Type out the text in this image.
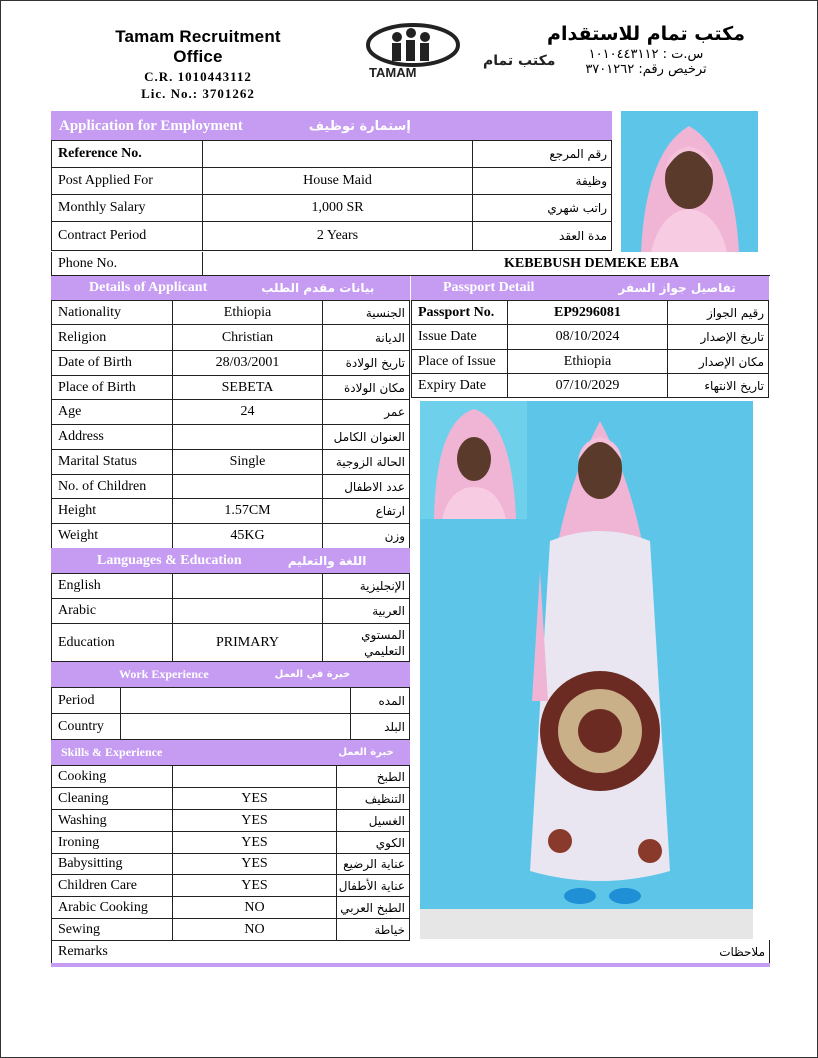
Tamam Recruitment Office
C.R. 1010443112
Lic. No.: 3701262
TAMAM
مكتب تمام
مكتب تمام للاستقدام
س.ت : ١٠١٠٤٤٣١١٢
ترخيص رقم: ٣٧٠١٢٦٢
Application for Employment	إستمارة توظيف
Reference No.	رقم المرجع
Post Applied For	House Maid	وظيفة
Monthly Salary	1,000 SR	راتب شهري
Contract Period	2 Years	مدة العقد
Phone No.	KEBEBUSH DEMEKE EBA
Details of Applicant	بيانات مقدم الطلب	Passport Detail	تفاصيل جواز السفر
Nationality	Ethiopia	الجنسية
Religion	Christian	الديانة
Date of Birth	28/03/2001	تاريخ الولادة
Place of Birth	SEBETA	مكان الولادة
Age	24	عمر
Address	العنوان الكامل
Marital Status	Single	الحالة الزوجية
No. of Children	عدد الاطفال
Height	1.57CM	ارتفاع
Weight	45KG	وزن
Passport No.	EP9296081	رقيم الجواز
Issue Date	08/10/2024	تاريخ الإصدار
Place of Issue	Ethiopia	مكان الإصدار
Expiry Date	07/10/2029	تاريخ الانتهاء
Languages & Education	اللغة والتعليم
English	الإنجليزية
Arabic	العربية
Education	PRIMARY	المستوي التعليمي
Work Experience	خبرة في العمل
Period	المده
Country	البلد
Skills & Experience	خبرة العمل
Cooking	الطبخ
Cleaning	YES	التنظيف
Washing	YES	الغسيل
Ironing	YES	الكوي
Babysitting	YES	عناية الرضيع
Children Care	YES	عناية الأطفال
Arabic Cooking	NO	الطبخ العربي
Sewing	NO	خياطة
Remarks	ملاحظات
